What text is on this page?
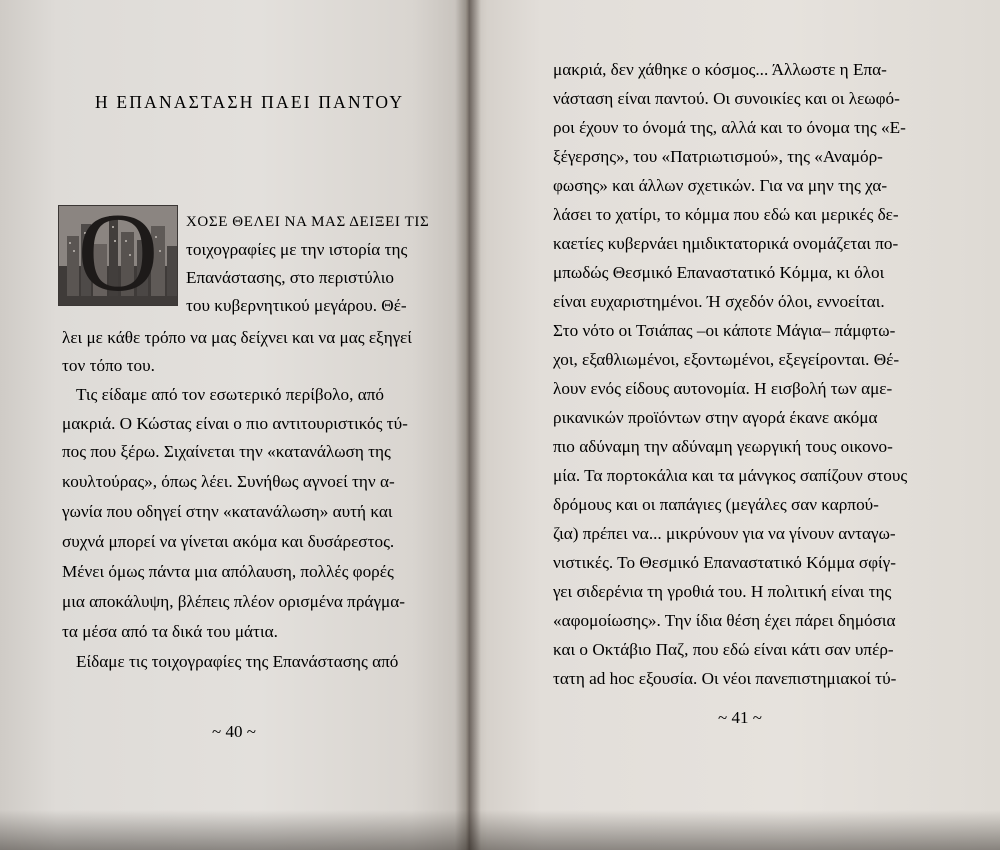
Η ΕΠΑΝΑΣΤΑΣΗ ΠΑΕΙ ΠΑΝΤΟΥ
Ο	ΧΟΣΕ ΘΕΛΕΙ ΝΑ ΜΑΣ ΔΕΙΞΕΙ ΤΙΣ
τοιχογραφίες με την ιστορία της
Επανάστασης, στο περιστύλιο
του κυβερνητικού μεγάρου. Θέ-
λει με κάθε τρόπο να μας δείχνει και να μας εξηγεί
τον τόπο του.
Τις είδαμε από τον εσωτερικό περίβολο, από
μακριά. Ο Κώστας είναι ο πιο αντιτουριστικός τύ-
πος που ξέρω. Σιχαίνεται την «κατανάλωση της
κουλτούρας», όπως λέει. Συνήθως αγνοεί την α-
γωνία που οδηγεί στην «κατανάλωση» αυτή και
συχνά μπορεί να γίνεται ακόμα και δυσάρεστος.
Μένει όμως πάντα μια απόλαυση, πολλές φορές
μια αποκάλυψη, βλέπεις πλέον ορισμένα πράγμα-
τα μέσα από τα δικά του μάτια.
Είδαμε τις τοιχογραφίες της Επανάστασης από
~ 40 ~
μακριά, δεν χάθηκε ο κόσμος... Άλλωστε η Επα-
νάσταση είναι παντού. Οι συνοικίες και οι λεωφό-
ροι έχουν το όνομά της, αλλά και το όνομα της «Ε-
ξέγερσης», του «Πατριωτισμού», της «Αναμόρ-
φωσης» και άλλων σχετικών. Για να μην της χα-
λάσει το χατίρι, το κόμμα που εδώ και μερικές δε-
καετίες κυβερνάει ημιδικτατορικά ονομάζεται πο-
μπωδώς Θεσμικό Επαναστατικό Κόμμα, κι όλοι
είναι ευχαριστημένοι. Ή σχεδόν όλοι, εννοείται.
Στο νότο οι Τσιάπας –οι κάποτε Μάγια– πάμφτω-
χοι, εξαθλιωμένοι, εξοντωμένοι, εξεγείρονται. Θέ-
λουν ενός είδους αυτονομία. Η εισβολή των αμε-
ρικανικών προϊόντων στην αγορά έκανε ακόμα
πιο αδύναμη την αδύναμη γεωργική τους οικονο-
μία. Τα πορτοκάλια και τα μάνγκος σαπίζουν στους
δρόμους και οι παπάγιες (μεγάλες σαν καρπού-
ζια) πρέπει να... μικρύνουν για να γίνουν ανταγω-
νιστικές. Το Θεσμικό Επαναστατικό Κόμμα σφίγ-
γει σιδερένια τη γροθιά του. Η πολιτική είναι της
«αφομοίωσης». Την ίδια θέση έχει πάρει δημόσια
και ο Οκτάβιο Παζ, που εδώ είναι κάτι σαν υπέρ-
τατη ad hoc εξουσία. Οι νέοι πανεπιστημιακοί τύ-
~ 41 ~
